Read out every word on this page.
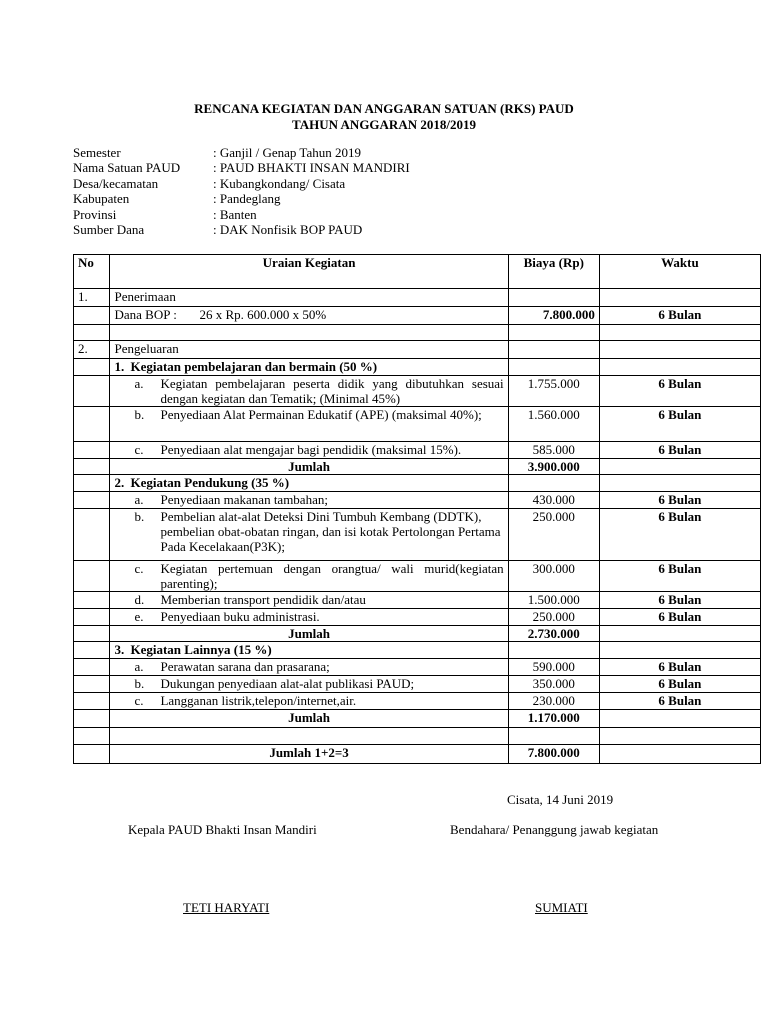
RENCANA KEGIATAN DAN ANGGARAN SATUAN (RKS) PAUD
TAHUN ANGGARAN 2018/2019
Semester	: Ganjil / Genap Tahun 2019
Nama Satuan PAUD	: PAUD BHAKTI INSAN MANDIRI
Desa/kecamatan	: Kubangkondang/ Cisata
Kabupaten	: Pandeglang
Provinsi	: Banten
Sumber Dana	: DAK Nonfisik BOP PAUD
No	Uraian Kegiatan	Biaya (Rp)	Waktu
1.	Penerimaan		
	Dana BOP : 26 x Rp. 600.000 x 50%	7.800.000	6 Bulan

2.	Pengeluaran		
	1. Kegiatan pembelajaran dan bermain (50 %)		

	a. Kegiatan pembelajaran peserta didik yang dibutuhkan sesuai dengan kegiatan dan Tematik; (Minimal 45%)	1.755.000	6 Bulan

	b. Penyediaan Alat Permainan Edukatif (APE) (maksimal 40%);	1.560.000	6 Bulan

	c. Penyediaan alat mengajar bagi pendidik (maksimal 15%).	585.000	6 Bulan
	Jumlah	3.900.000	
	2. Kegiatan Pendukung (35 %)		

	a. Penyediaan makanan tambahan;	430.000	6 Bulan

	b. Pembelian alat-alat Deteksi Dini Tumbuh Kembang (DDTK), pembelian obat-obatan ringan, dan isi kotak Pertolongan Pertama Pada Kecelakaan(P3K);	250.000	6 Bulan

	c. Kegiatan pertemuan dengan orangtua/ wali murid(kegiatan parenting);	300.000	6 Bulan

	d. Memberian transport pendidik dan/atau	1.500.000	6 Bulan

	e. Penyediaan buku administrasi.	250.000	6 Bulan
	Jumlah	2.730.000	
	3. Kegiatan Lainnya (15 %)		

	a. Perawatan sarana dan prasarana;	590.000	6 Bulan

	b. Dukungan penyediaan alat-alat publikasi PAUD;	350.000	6 Bulan

	c. Langganan listrik,telepon/internet,air.	230.000	6 Bulan
	Jumlah	1.170.000	

	Jumlah 1+2=3	7.800.000	
Cisata, 14 Juni 2019
Kepala PAUD Bhakti Insan Mandiri	Bendahara/ Penanggung jawab kegiatan
TETI HARYATI	SUMIATI
